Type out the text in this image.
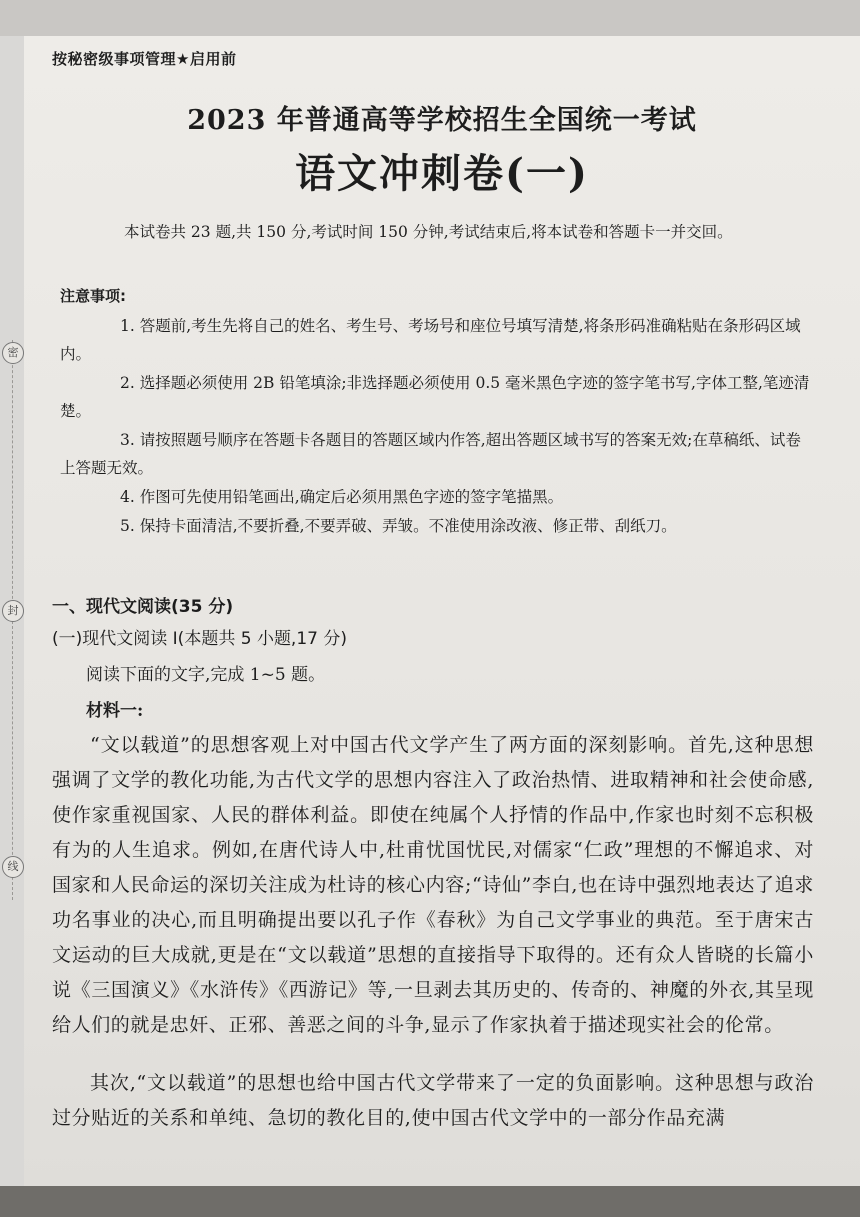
按秘密级事项管理★启用前
2023 年普通高等学校招生全国统一考试
语文冲刺卷(一)
本试卷共 23 题,共 150 分,考试时间 150 分钟,考试结束后,将本试卷和答题卡一并交回。
注意事项:

1. 答题前,考生先将自己的姓名、考生号、考场号和座位号填写清楚,将条形码准确粘贴在条形码区域内。

2. 选择题必须使用 2B 铅笔填涂;非选择题必须使用 0.5 毫米黑色字迹的签字笔书写,字体工整,笔迹清楚。

3. 请按照题号顺序在答题卡各题目的答题区域内作答,超出答题区域书写的答案无效;在草稿纸、试卷上答题无效。

4. 作图可先使用铅笔画出,确定后必须用黑色字迹的签字笔描黑。

5. 保持卡面清洁,不要折叠,不要弄破、弄皱。不准使用涂改液、修正带、刮纸刀。

一、现代文阅读(35 分)
(一)现代文阅读 I(本题共 5 小题,17 分)
阅读下面的文字,完成 1~5 题。
材料一:
“文以载道”的思想客观上对中国古代文学产生了两方面的深刻影响。首先,这种思想强调了文学的教化功能,为古代文学的思想内容注入了政治热情、进取精神和社会使命感,使作家重视国家、人民的群体利益。即使在纯属个人抒情的作品中,作家也时刻不忘积极有为的人生追求。例如,在唐代诗人中,杜甫忧国忧民,对儒家“仁政”理想的不懈追求、对国家和人民命运的深切关注成为杜诗的核心内容;“诗仙”李白,也在诗中强烈地表达了追求功名事业的决心,而且明确提出要以孔子作《春秋》为自己文学事业的典范。至于唐宋古文运动的巨大成就,更是在“文以载道”思想的直接指导下取得的。还有众人皆晓的长篇小说《三国演义》《水浒传》《西游记》等,一旦剥去其历史的、传奇的、神魔的外衣,其呈现给人们的就是忠奸、正邪、善恶之间的斗争,显示了作家执着于描述现实社会的伦常。
其次,“文以载道”的思想也给中国古代文学带来了一定的负面影响。这种思想与政治过分贴近的关系和单纯、急切的教化目的,使中国古代文学中的一部分作品充满
密
封
线
